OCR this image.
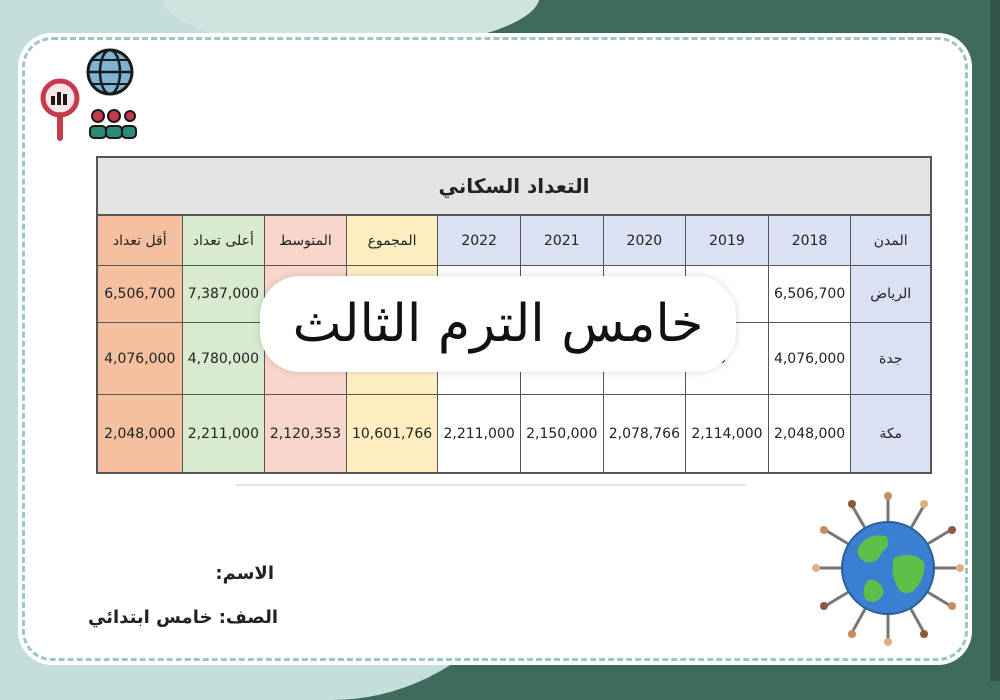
التعداد السكاني
المدن
2018
2019
2020
2021
2022
المجموع
المتوسط
أعلى تعداد
أقل تعداد
الرياض
6,506,700
7,387,000
6,506,700
جدة
4,076,000
4,780,000
4,076,000
مكة
2,048,000
2,114,000
2,078,766
2,150,000
2,211,000
10,601,766
2,120,353
2,211,000
2,048,000
خامس الترم الثالث
الاسم:
الصف: خامس ابتدائي
